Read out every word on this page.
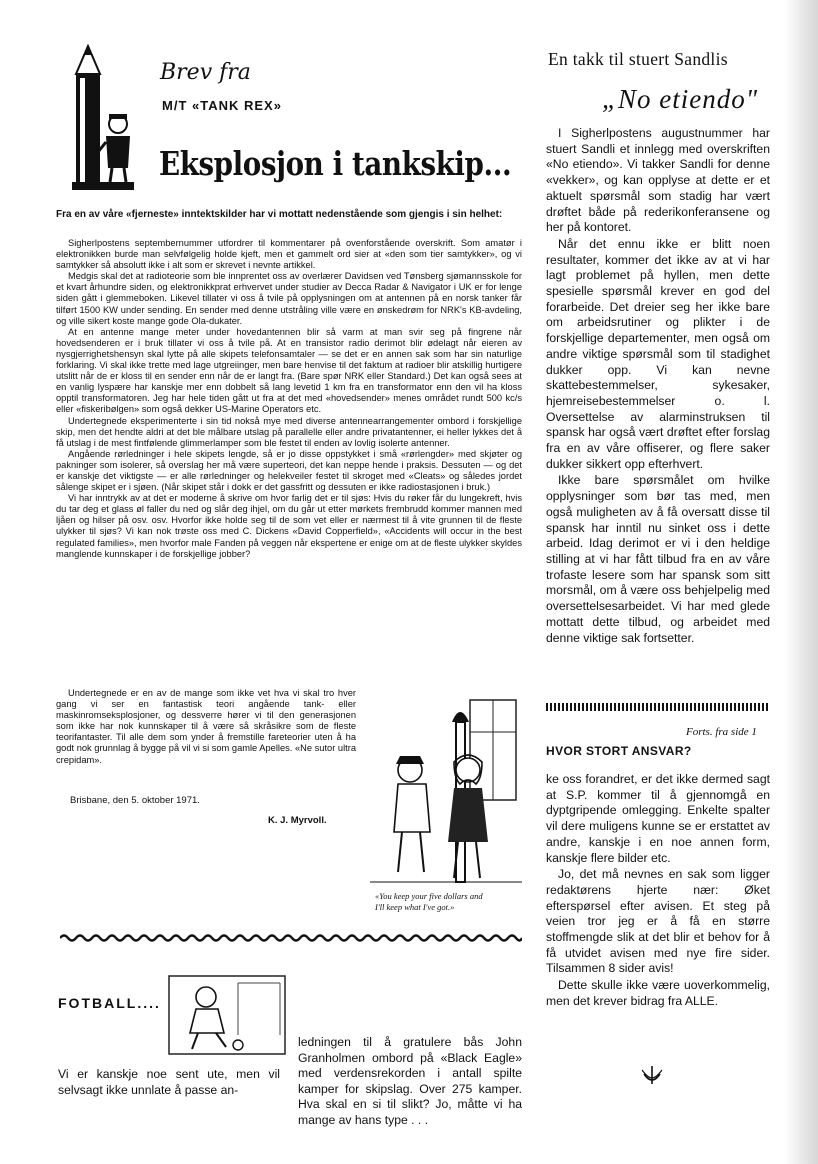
Brev fra
M/T «TANK REX»
Eksplosjon i tankskip...
Fra en av våre «fjerneste» inntektskilder har vi mottatt nedenstående som gjengis i sin helhet:

Sigherlpostens septembernummer utfordrer til kommentarer på ovenforstående overskrift. Som amatør i elektronikken burde man selvfølgelig holde kjeft, men et gammelt ord sier at «den som tier samtykker», og vi samtykker så absolutt ikke i alt som er skrevet i nevnte artikkel.

Medgis skal det at radioteorie som ble innprentet oss av overlærer Davidsen ved Tønsberg sjømannsskole for et kvart århundre siden, og elektronikkprat erhvervet under studier av Decca Radar & Navigator i UK er for lenge siden gått i glemmeboken. Likevel tillater vi oss å tvile på opplysningen om at antennen på en norsk tanker får tilført 1500 KW under sending. En sender med denne utstråling ville være en ønskedrøm for NRK's KB-avdeling, og ville sikert koste mange gode Ola-dukater.

At en antenne mange meter under hovedantennen blir så varm at man svir seg på fingrene når hovedsenderen er i bruk tillater vi oss å tvile på. At en transistor radio derimot blir ødelagt når eieren av nysgjerrighetshensyn skal lytte på alle skipets telefonsamtaler — se det er en annen sak som har sin naturlige forklaring. Vi skal ikke trette med lage utgreiinger, men bare henvise til det faktum at radioer blir atskillig hurtigere utslitt når de er kloss til en sender enn når de er langt fra. (Bare spør NRK eller Standard.) Det kan også sees at en vanlig lyspære har kanskje mer enn dobbelt så lang levetid 1 km fra en transformator enn den vil ha kloss opptil transformatoren. Jeg har hele tiden gått ut fra at det med «hovedsender» menes området rundt 500 kc/s eller «fiskeribølgen» som også dekker US-Marine Operators etc.

Undertegnede eksperimenterte i sin tid nokså mye med diverse antennearrangementer ombord i forskjellige skip, men det hendte aldri at det ble målbare utslag på parallelle eller andre privatantenner, ei heller lykkes det å få utslag i de mest fintfølende glimmerlamper som ble festet til enden av lovlig isolerte antenner.

Angående rørledninger i hele skipets lengde, så er jo disse oppstykket i små «rørlengder» med skjøter og pakninger som isolerer, så overslag her må være superteori, det kan neppe hende i praksis. Dessuten — og det er kanskje det viktigste — er alle rørledninger og helekveiler festet til skroget med «Cleats» og således jordet sålenge skipet er i sjøen. (Når skipet står i dokk er det gassfritt og dessuten er ikke radiostasjonen i bruk.)

Vi har inntrykk av at det er moderne å skrive om hvor farlig det er til sjøs: Hvis du røker får du lungekreft, hvis du tar deg et glass øl faller du ned og slår deg ihjel, om du går ut etter mørkets frembrudd kommer mannen med ljåen og hilser på osv. osv. Hvorfor ikke holde seg til de som vet eller er nærmest til å vite grunnen til de fleste ulykker til sjøs? Vi kan nok trøste oss med C. Dickens «David Copperfield», «Accidents will occur in the best regulated families», men hvorfor male Fanden på veggen når ekspertene er enige om at de fleste ulykker skyldes manglende kunnskaper i de forskjellige jobber?

Undertegnede er en av de mange som ikke vet hva vi skal tro hver gang vi ser en fantastisk teori angående tank- eller maskinromseksplosjoner, og dessverre hører vi til den generasjonen som ikke har nok kunnskaper til å være så skråsikre som de fleste teorifantaster. Til alle dem som ynder å fremstille fareteorier uten å ha godt nok grunnlag å bygge på vil vi si som gamle Apelles. «Ne sutor ultra crepidam».

Brisbane, den 5. oktober 1971.
K. J. Myrvoll.
«You keep your five dollars and
I'll keep what I've got.»
FOTBALL....
Vi er kanskje noe sent ute, men vil selvsagt ikke unnlate å passe an-
ledningen til å gratulere bås John Granholmen ombord på «Black Eagle» med verdensrekorden i antall spilte kamper for skipslag. Over 275 kamper. Hva skal en si til slikt? Jo, måtte vi ha mange av hans type . . .
En takk til stuert Sandlis
„No etiendo"

I Sigherlpostens augustnummer har stuert Sandli et innlegg med overskriften «No etiendo». Vi takker Sandli for denne «vekker», og kan opplyse at dette er et aktuelt spørsmål som stadig har vært drøftet både på rederikonferansene og her på kontoret.

Når det ennu ikke er blitt noen resultater, kommer det ikke av at vi har lagt problemet på hyllen, men dette spesielle spørsmål krever en god del forarbeide. Det dreier seg her ikke bare om arbeidsrutiner og plikter i de forskjellige departementer, men også om andre viktige spørsmål som til stadighet dukker opp. Vi kan nevne skattebestemmelser, sykesaker, hjemreisebestemmelser o. l. Oversettelse av alarminstruksen til spansk har også vært drøftet efter forslag fra en av våre offiserer, og flere saker dukker sikkert opp efterhvert.

Ikke bare spørsmålet om hvilke opplysninger som bør tas med, men også muligheten av å få oversatt disse til spansk har inntil nu sinket oss i dette arbeid. Idag derimot er vi i den heldige stilling at vi har fått tilbud fra en av våre trofaste lesere som har spansk som sitt morsmål, om å være oss behjelpelig med oversettelsesarbeidet. Vi har med glede mottatt dette tilbud, og arbeidet med denne viktige sak fortsetter.

Forts. fra side 1
HVOR STORT ANSVAR?

ke oss forandret, er det ikke dermed sagt at S.P. kommer til å gjennomgå en dyptgripende omlegging. Enkelte spalter vil dere muligens kunne se er erstattet av andre, kanskje i en noe annen form, kanskje flere bilder etc.

Jo, det må nevnes en sak som ligger redaktørens hjerte nær: Øket efterspørsel efter avisen. Et steg på veien tror jeg er å få en større stoffmengde slik at det blir et behov for å få utvidet avisen med nye fire sider. Tilsammen 8 sider avis!

Dette skulle ikke være uoverkommelig, men det krever bidrag fra ALLE.
